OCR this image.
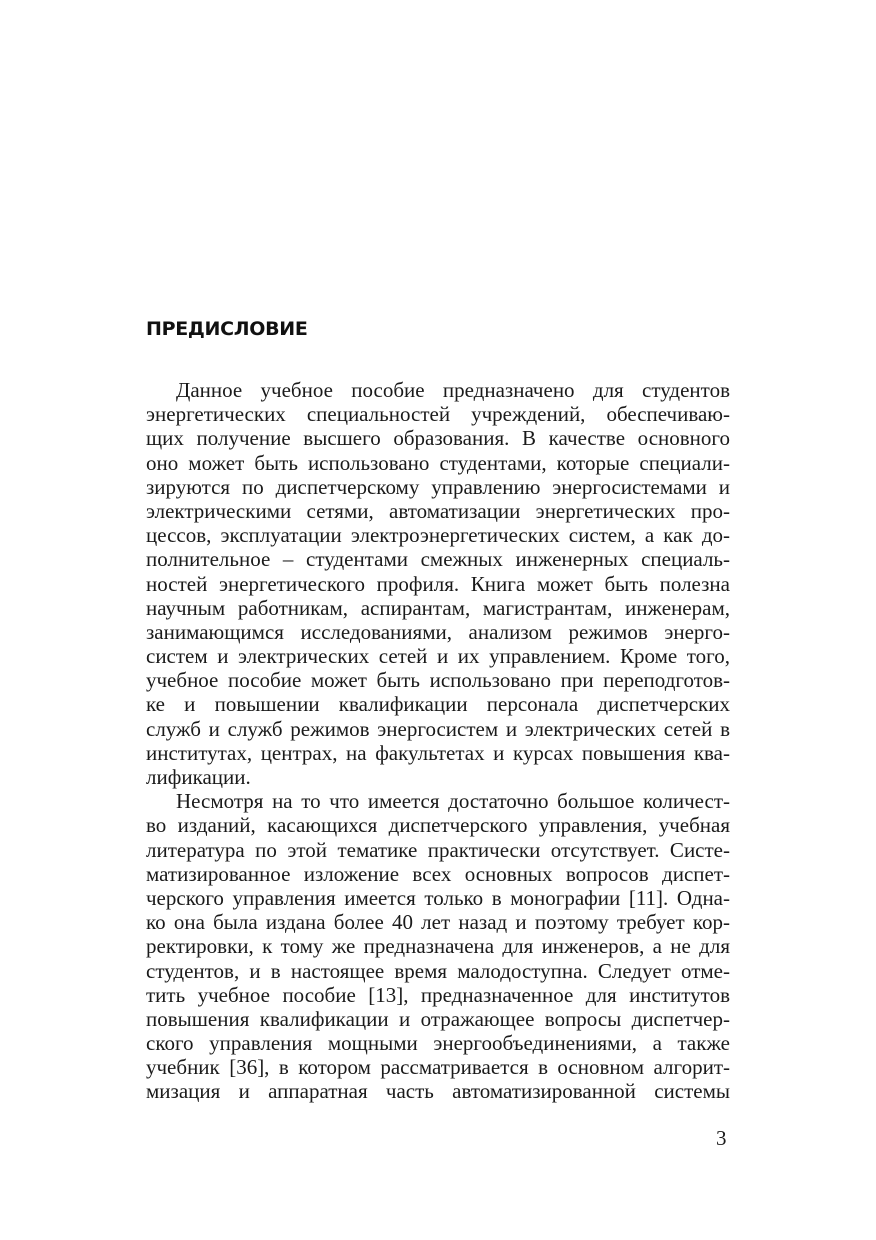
ПРЕДИСЛОВИЕ
Данное учебное пособие предназначено для студентов
энергетических специальностей учреждений, обеспечиваю-
щих получение высшего образования. В качестве основного
оно может быть использовано студентами, которые специали-
зируются по диспетчерскому управлению энергосистемами и
электрическими сетями, автоматизации энергетических про-
цессов, эксплуатации электроэнергетических систем, а как до-
полнительное – студентами смежных инженерных специаль-
ностей энергетического профиля. Книга может быть полезна
научным работникам, аспирантам, магистрантам, инженерам,
занимающимся исследованиями, анализом режимов энерго-
систем и электрических сетей и их управлением. Кроме того,
учебное пособие может быть использовано при переподготов-
ке и повышении квалификации персонала диспетчерских
служб и служб режимов энергосистем и электрических сетей в
институтах, центрах, на факультетах и курсах повышения ква-
лификации.
Несмотря на то что имеется достаточно большое количест-
во изданий, касающихся диспетчерского управления, учебная
литература по этой тематике практически отсутствует. Систе-
матизированное изложение всех основных вопросов диспет-
черского управления имеется только в монографии [11]. Одна-
ко она была издана более 40 лет назад и поэтому требует кор-
ректировки, к тому же предназначена для инженеров, а не для
студентов, и в настоящее время малодоступна. Следует отме-
тить учебное пособие [13], предназначенное для институтов
повышения квалификации и отражающее вопросы диспетчер-
ского управления мощными энергообъединениями, а также
учебник [36], в котором рассматривается в основном алгорит-
мизация и аппаратная часть автоматизированной системы
3
